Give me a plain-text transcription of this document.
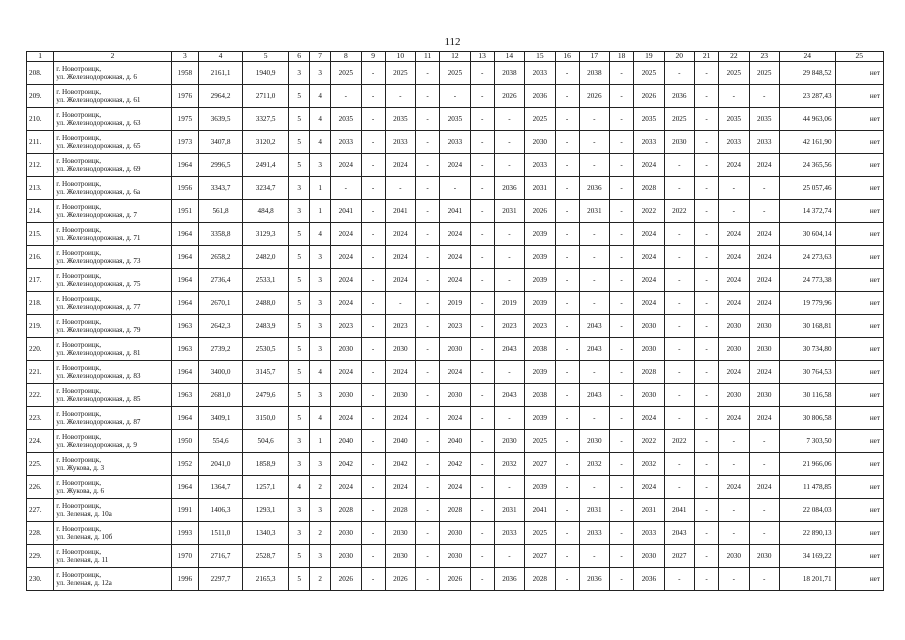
112
1	2	3	4	5	6	7	8	9	10	11	12	13	14	15	16	17	18	19	20	21	22	23	24	25
208.	г. Новотроицк,
ул. Железнодорожная, д. 6	1958	2161,1	1940,9	3	3	2025	-	2025	-	2025	-	2038	2033	-	2038	-	2025	-	-	2025	2025	29 848,52	нет
209.	г. Новотроицк,
ул. Железнодорожная, д. 61	1976	2964,2	2711,0	5	4	-	-	-	-	-	-	2026	2036	-	2026	-	2026	2036	-	-	-	23 287,43	нет
210.	г. Новотроицк,
ул. Железнодорожная, д. 63	1975	3639,5	3327,5	5	4	2035	-	2035	-	2035	-	-	2025	-	-	-	2035	2025	-	2035	2035	44 963,06	нет
211.	г. Новотроицк,
ул. Железнодорожная, д. 65	1973	3407,8	3120,2	5	4	2033	-	2033	-	2033	-	-	2030	-	-	-	2033	2030	-	2033	2033	42 161,90	нет
212.	г. Новотроицк,
ул. Железнодорожная, д. 69	1964	2996,5	2491,4	5	3	2024	-	2024	-	2024	-	-	2033	-	-	-	2024	-	-	2024	2024	24 365,56	нет
213.	г. Новотроицк,
ул. Железнодорожная, д. 6а	1956	3343,7	3234,7	3	1	-	-	-	-	-	-	2036	2031	-	2036	-	2028	-	-	-	-	25 057,46	нет
214.	г. Новотроицк,
ул. Железнодорожная, д. 7	1951	561,8	484,8	3	1	2041	-	2041	-	2041	-	2031	2026	-	2031	-	2022	2022	-	-	-	14 372,74	нет
215.	г. Новотроицк,
ул. Железнодорожная, д. 71	1964	3358,8	3129,3	5	4	2024	-	2024	-	2024	-	-	2039	-	-	-	2024	-	-	2024	2024	30 604,14	нет
216.	г. Новотроицк,
ул. Железнодорожная, д. 73	1964	2658,2	2482,0	5	3	2024	-	2024	-	2024	-	-	2039	-	-	-	2024	-	-	2024	2024	24 273,63	нет
217.	г. Новотроицк,
ул. Железнодорожная, д. 75	1964	2736,4	2533,1	5	3	2024	-	2024	-	2024	-	-	2039	-	-	-	2024	-	-	2024	2024	24 773,38	нет
218.	г. Новотроицк,
ул. Железнодорожная, д. 77	1964	2670,1	2488,0	5	3	2024	-	-	-	2019	-	2019	2039	-	-	-	2024	-	-	2024	2024	19 779,96	нет
219.	г. Новотроицк,
ул. Железнодорожная, д. 79	1963	2642,3	2483,9	5	3	2023	-	2023	-	2023	-	2023	2023	-	2043	-	2030	-	-	2030	2030	30 168,81	нет
220.	г. Новотроицк,
ул. Железнодорожная, д. 81	1963	2739,2	2530,5	5	3	2030	-	2030	-	2030	-	2043	2038	-	2043	-	2030	-	-	2030	2030	30 734,80	нет
221.	г. Новотроицк,
ул. Железнодорожная, д. 83	1964	3400,0	3145,7	5	4	2024	-	2024	-	2024	-	-	2039	-	-	-	2028	-	-	2024	2024	30 764,53	нет
222.	г. Новотроицк,
ул. Железнодорожная, д. 85	1963	2681,0	2479,6	5	3	2030	-	2030	-	2030	-	2043	2038	-	2043	-	2030	-	-	2030	2030	30 116,58	нет
223.	г. Новотроицк,
ул. Железнодорожная, д. 87	1964	3409,1	3150,0	5	4	2024	-	2024	-	2024	-	-	2039	-	-	-	2024	-	-	2024	2024	30 806,58	нет
224.	г. Новотроицк,
ул. Железнодорожная, д. 9	1950	554,6	504,6	3	1	2040	-	2040	-	2040	-	2030	2025	-	2030	-	2022	2022	-	-	-	7 303,50	нет
225.	г. Новотроицк,
ул. Жукова, д. 3	1952	2041,0	1858,9	3	3	2042	-	2042	-	2042	-	2032	2027	-	2032	-	2032	-	-	-	-	21 966,06	нет
226.	г. Новотроицк,
ул. Жукова, д. 6	1964	1364,7	1257,1	4	2	2024	-	2024	-	2024	-	-	2039	-	-	-	2024	-	-	2024	2024	11 478,85	нет
227.	г. Новотроицк,
ул. Зеленая, д. 10а	1991	1406,3	1293,1	3	3	2028	-	2028	-	2028	-	2031	2041	-	2031	-	2031	2041	-	-	-	22 084,03	нет
228.	г. Новотроицк,
ул. Зеленая, д. 10б	1993	1511,0	1340,3	3	2	2030	-	2030	-	2030	-	2033	2025	-	2033	-	2033	2043	-	-	-	22 890,13	нет
229.	г. Новотроицк,
ул. Зеленая, д. 11	1970	2716,7	2528,7	5	3	2030	-	2030	-	2030	-	-	2027	-	-	-	2030	2027	-	2030	2030	34 169,22	нет
230.	г. Новотроицк,
ул. Зеленая, д. 12а	1996	2297,7	2165,3	5	2	2026	-	2026	-	2026	-	2036	2028	-	2036	-	2036	-	-	-	-	18 201,71	нет
